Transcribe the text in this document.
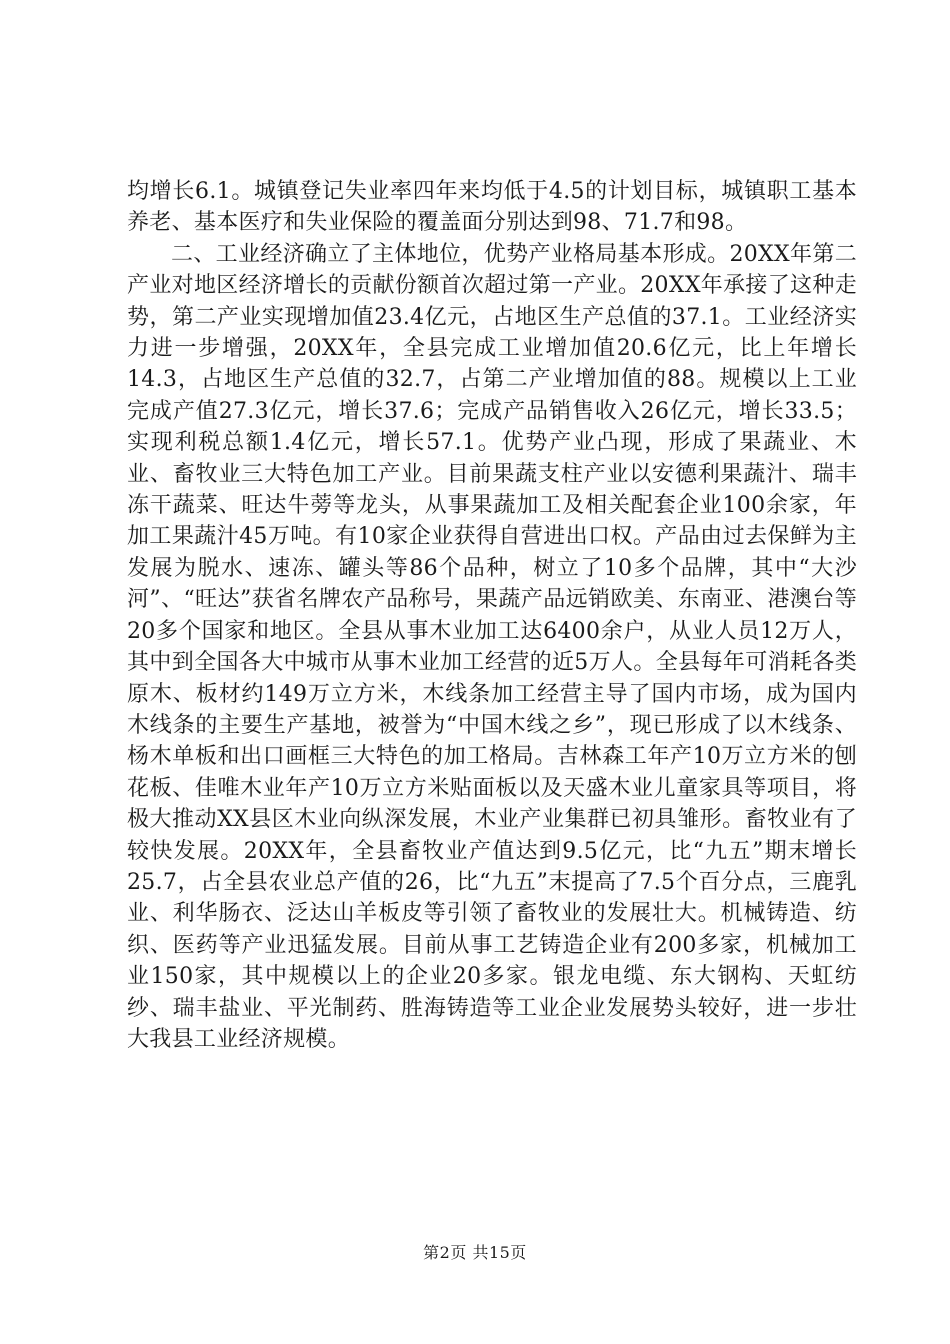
均增长6.1。城镇登记失业率四年来均低于4.5的计划目标，城镇职工基本养老、基本医疗和失业保险的覆盖面分别达到98、71.7和98。

二、工业经济确立了主体地位，优势产业格局基本形成。20XX年第二产业对地区经济增长的贡献份额首次超过第一产业。20XX年承接了这种走势，第二产业实现增加值23.4亿元，占地区生产总值的37.1。工业经济实力进一步增强，20XX年，全县完成工业增加值20.6亿元，比上年增长14.3，占地区生产总值的32.7，占第二产业增加值的88。规模以上工业完成产值27.3亿元，增长37.6；完成产品销售收入26亿元，增长33.5；实现利税总额1.4亿元，增长57.1。优势产业凸现，形成了果蔬业、木业、畜牧业三大特色加工产业。目前果蔬支柱产业以安德利果蔬汁、瑞丰冻干蔬菜、旺达牛蒡等龙头，从事果蔬加工及相关配套企业100余家，年加工果蔬汁45万吨。有10家企业获得自营进出口权。产品由过去保鲜为主发展为脱水、速冻、罐头等86个品种，树立了10多个品牌，其中“大沙河”、“旺达”获省名牌农产品称号，果蔬产品远销欧美、东南亚、港澳台等20多个国家和地区。全县从事木业加工达6400余户，从业人员12万人，其中到全国各大中城市从事木业加工经营的近5万人。全县每年可消耗各类原木、板材约149万立方米，木线条加工经营主导了国内市场，成为国内木线条的主要生产基地，被誉为“中国木线之乡”，现已形成了以木线条、杨木单板和出口画框三大特色的加工格局。吉林森工年产10万立方米的刨花板、佳唯木业年产10万立方米贴面板以及天盛木业儿童家具等项目，将极大推动XX县区木业向纵深发展，木业产业集群已初具雏形。畜牧业有了较快发展。20XX年，全县畜牧业产值达到9.5亿元，比“九五”期末增长25.7，占全县农业总产值的26，比“九五”末提高了7.5个百分点，三鹿乳业、利华肠衣、泛达山羊板皮等引领了畜牧业的发展壮大。机械铸造、纺织、医药等产业迅猛发展。目前从事工艺铸造企业有200多家，机械加工业150家，其中规模以上的企业20多家。银龙电缆、东大钢构、天虹纺纱、瑞丰盐业、平光制药、胜海铸造等工业企业发展势头较好，进一步壮大我县工业经济规模。

第2页 共15页
